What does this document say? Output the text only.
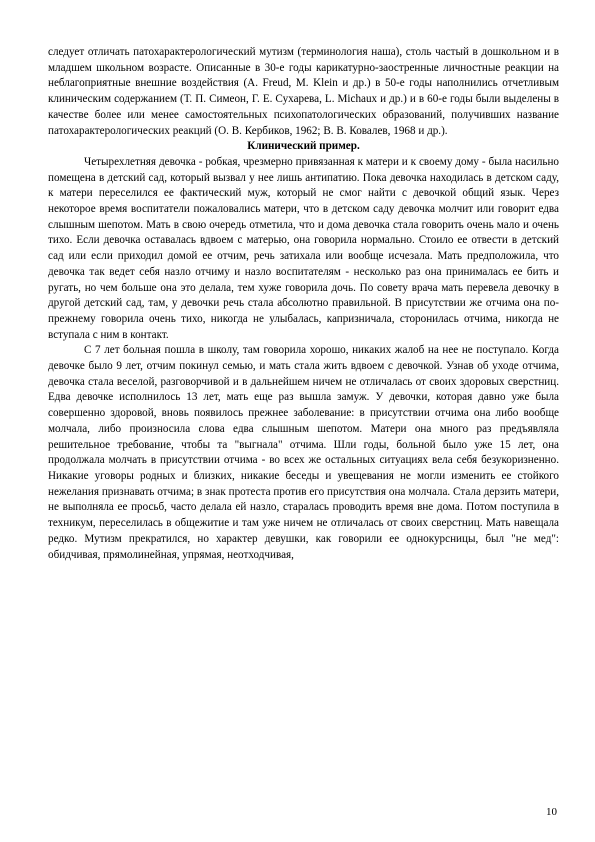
следует отличать патохарактерологический мутизм (терминология наша), столь частый в дошкольном и в младшем школьном возрасте. Описанные в 30-е годы карикатурно-заостренные личностные реакции на неблагоприятные внешние воздействия (A. Freud, M. Klein и др.) в 50-е годы наполнились отчетливым клиническим содержанием (Т. П. Симеон, Г. Е. Сухарева, L. Michaux и др.) и в 60-е годы были выделены в качестве более или менее самостоятельных психопатологических образований, получивших название патохарактерологических реакций (О. В. Кербиков, 1962; В. В. Ковалев, 1968 и др.).

Клинический пример.

Четырехлетняя девочка - робкая, чрезмерно привязанная к матери и к своему дому - была насильно помещена в детский сад, который вызвал у нее лишь антипатию. Пока девочка находилась в детском саду, к матери переселился ее фактический муж, который не смог найти с девочкой общий язык. Через некоторое время воспитатели пожаловались матери, что в детском саду девочка молчит или говорит едва слышным шепотом. Мать в свою очередь отметила, что и дома девочка стала говорить очень мало и очень тихо. Если девочка оставалась вдвоем с матерью, она говорила нормально. Стоило ее отвести в детский сад или если приходил домой ее отчим, речь затихала или вообще исчезала. Мать предположила, что девочка так ведет себя назло отчиму и назло воспитателям - несколько раз она принималась ее бить и ругать, но чем больше она это делала, тем хуже говорила дочь. По совету врача мать перевела девочку в другой детский сад, там, у девочки речь стала абсолютно правильной. В присутствии же отчима она по-прежнему говорила очень тихо, никогда не улыбалась, капризничала, сторонилась отчима, никогда не вступала с ним в контакт.

С 7 лет больная пошла в школу, там говорила хорошо, никаких жалоб на нее не поступало. Когда девочке было 9 лет, отчим покинул семью, и мать стала жить вдвоем с девочкой. Узнав об уходе отчима, девочка стала веселой, разговорчивой и в дальнейшем ничем не отличалась от своих здоровых сверстниц. Едва девочке исполнилось 13 лет, мать еще раз вышла замуж. У девочки, которая давно уже была совершенно здоровой, вновь появилось прежнее заболевание: в присутствии отчима она либо вообще молчала, либо произносила слова едва слышным шепотом. Матери она много раз предъявляла решительное требование, чтобы та "выгнала" отчима. Шли годы, больной было уже 15 лет, она продолжала молчать в присутствии отчима - во всех же остальных ситуациях вела себя безукоризненно. Никакие уговоры родных и близких, никакие беседы и увещевания не могли изменить ее стойкого нежелания признавать отчима; в знак протеста против его присутствия она молчала. Стала дерзить матери, не выполняла ее просьб, часто делала ей назло, старалась проводить время вне дома. Потом поступила в техникум, переселилась в общежитие и там уже ничем не отличалась от своих сверстниц. Мать навещала редко. Мутизм прекратился, но характер девушки, как говорили ее однокурсницы, был "не мед": обидчивая, прямолинейная, упрямая, неотходчивая,

10
